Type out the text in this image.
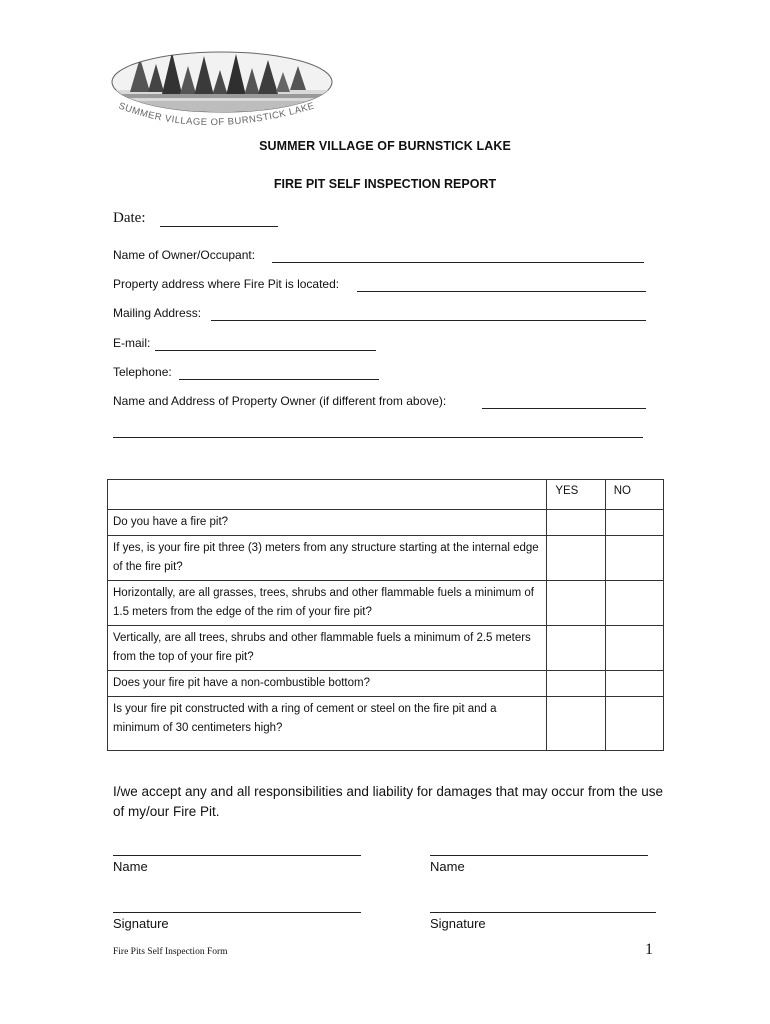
SUMMER VILLAGE OF BURNSTICK LAKE
SUMMER VILLAGE OF BURNSTICK LAKE
FIRE PIT SELF INSPECTION REPORT
Date:
Name of Owner/Occupant:
Property address where Fire Pit is located:
Mailing Address:
E-mail:
Telephone:
Name and Address of Property Owner (if different from above):
	YES	NO
Do you have a fire pit?		
If yes, is your fire pit three (3) meters from any structure starting at the internal edge of the fire pit?		
Horizontally, are all grasses, trees, shrubs and other flammable fuels a minimum of 1.5 meters from the edge of the rim of your fire pit?		
Vertically, are all trees, shrubs and other flammable fuels a minimum of 2.5 meters from the top of your fire pit?		
Does your fire pit have a non-combustible bottom?		
Is your fire pit constructed with a ring of cement or steel on the fire pit and a minimum of 30 centimeters high?		
I/we accept any and all responsibilities and liability for damages that may occur from the use of my/our Fire Pit.
Name	Name
Signature	Signature
Fire Pits Self Inspection Form	1
